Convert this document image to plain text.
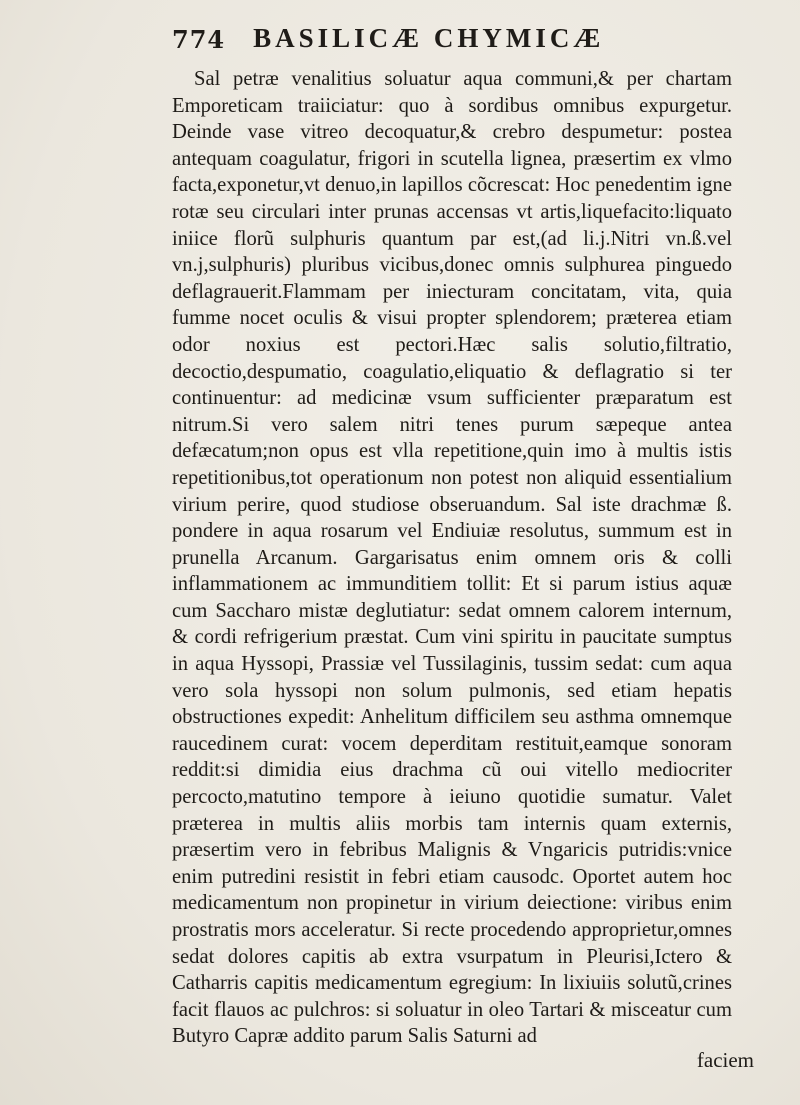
774 BASILICÆ CHYMICÆ

Sal petræ venalitius soluatur aqua communi,& per chartam Emporeticam traiiciatur: quo à sordibus omnibus expurgetur. Deinde vase vitreo decoquatur,& crebro despumetur: postea antequam coagulatur, frigori in scutella lignea, præsertim ex vlmo facta,exponetur,vt denuo,in lapillos cõcrescat: Hoc penedentim igne rotæ seu circulari inter prunas accensas vt artis,liquefacito:liquato iniice florũ sulphuris quantum par est,(ad li.j.Nitri vn.ß.vel vn.j,sulphuris) pluribus vicibus,donec omnis sulphurea pinguedo deflagrauerit.Flammam per iniecturam concitatam, vita, quia fumme nocet oculis & visui propter splendorem; præterea etiam odor noxius est pectori.Hæc salis solutio,filtratio, decoctio,despumatio, coagulatio,eliquatio & deflagratio si ter continuentur: ad medicinæ vsum sufficienter præparatum est nitrum.Si vero salem nitri tenes purum sæpeque antea defæcatum;non opus est vlla repetitione,quin imo à multis istis repetitionibus,tot operationum non potest non aliquid essentialium virium perire, quod studiose obseruandum. Sal iste drachmæ ß. pondere in aqua rosarum vel Endiuiæ resolutus, summum est in prunella Arcanum. Gargarisatus enim omnem oris & colli inflammationem ac immunditiem tollit: Et si parum istius aquæ cum Saccharo mistæ deglutiatur: sedat omnem calorem internum, & cordi refrigerium præstat. Cum vini spiritu in paucitate sumptus in aqua Hyssopi, Prassiæ vel Tussilaginis, tussim sedat: cum aqua vero sola hyssopi non solum pulmonis, sed etiam hepatis obstructiones expedit: Anhelitum difficilem seu asthma omnemque raucedinem curat: vocem deperditam restituit,eamque sonoram reddit:si dimidia eius drachma cũ oui vitello mediocriter percocto,matutino tempore à ieiuno quotidie sumatur. Valet præterea in multis aliis morbis tam internis quam externis, præsertim vero in febribus Malignis & Vngaricis putridis:vnice enim putredini resistit in febri etiam causodc. Oportet autem hoc medicamentum non propinetur in virium deiectione: viribus enim prostratis mors acceleratur. Si recte procedendo approprietur,omnes sedat dolores capitis ab extra vsurpatum in Pleurisi,Ictero & Catharris capitis medicamentum egregium: In lixiuiis solutũ,crines facit flauos ac pulchros: si soluatur in oleo Tartari & misceatur cum Butyro Capræ addito parum Salis Saturni ad

faciem
